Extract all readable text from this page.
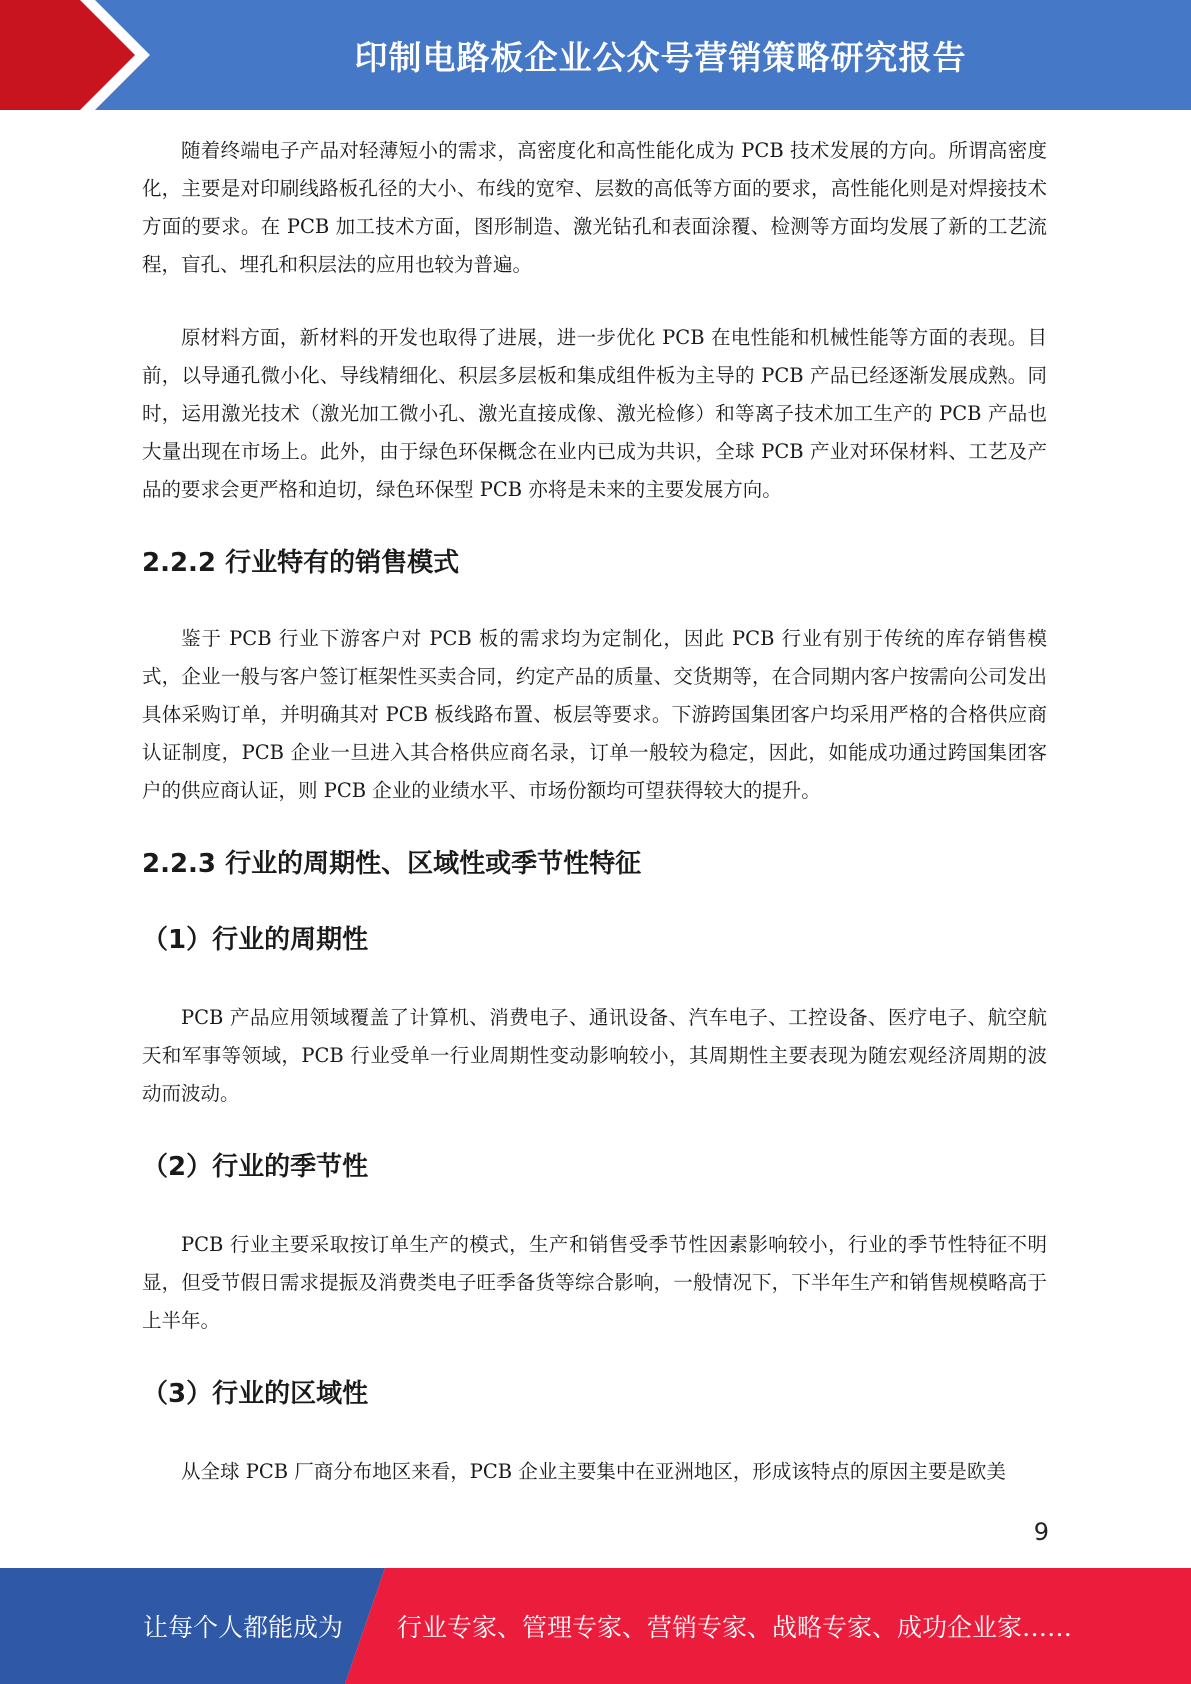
印制电路板企业公众号营销策略研究报告

随着终端电子产品对轻薄短小的需求，高密度化和高性能化成为 PCB 技术发展的方向。所谓高密度化，主要是对印刷线路板孔径的大小、布线的宽窄、层数的高低等方面的要求，高性能化则是对焊接技术方面的要求。在 PCB 加工技术方面，图形制造、激光钻孔和表面涂覆、检测等方面均发展了新的工艺流程，盲孔、埋孔和积层法的应用也较为普遍。

原材料方面，新材料的开发也取得了进展，进一步优化 PCB 在电性能和机械性能等方面的表现。目前，以导通孔微小化、导线精细化、积层多层板和集成组件板为主导的 PCB 产品已经逐渐发展成熟。同时，运用激光技术（激光加工微小孔、激光直接成像、激光检修）和等离子技术加工生产的 PCB 产品也大量出现在市场上。此外，由于绿色环保概念在业内已成为共识，全球 PCB 产业对环保材料、工艺及产品的要求会更严格和迫切，绿色环保型 PCB 亦将是未来的主要发展方向。

2.2.2 行业特有的销售模式

鉴于 PCB 行业下游客户对 PCB 板的需求均为定制化，因此 PCB 行业有别于传统的库存销售模式，企业一般与客户签订框架性买卖合同，约定产品的质量、交货期等，在合同期内客户按需向公司发出具体采购订单，并明确其对 PCB 板线路布置、板层等要求。下游跨国集团客户均采用严格的合格供应商认证制度，PCB 企业一旦进入其合格供应商名录，订单一般较为稳定，因此，如能成功通过跨国集团客户的供应商认证，则 PCB 企业的业绩水平、市场份额均可望获得较大的提升。

2.2.3 行业的周期性、区域性或季节性特征
（1）行业的周期性

PCB 产品应用领域覆盖了计算机、消费电子、通讯设备、汽车电子、工控设备、医疗电子、航空航天和军事等领域，PCB 行业受单一行业周期性变动影响较小，其周期性主要表现为随宏观经济周期的波动而波动。

（2）行业的季节性

PCB 行业主要采取按订单生产的模式，生产和销售受季节性因素影响较小，行业的季节性特征不明显，但受节假日需求提振及消费类电子旺季备货等综合影响，一般情况下，下半年生产和销售规模略高于上半年。

（3）行业的区域性

从全球 PCB 厂商分布地区来看，PCB 企业主要集中在亚洲地区，形成该特点的原因主要是欧美

9
让每个人都能成为 行业专家、管理专家、营销专家、战略专家、成功企业家……
